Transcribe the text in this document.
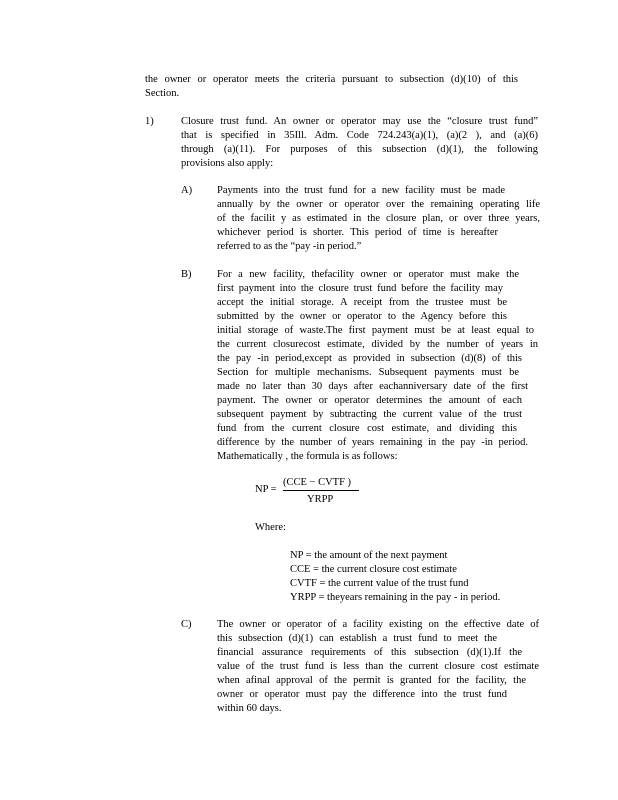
the owner or operator meets the criteria pursuant to subsection (d)(10) of this
Section.
1)	Closure trust fund. An owner or operator may use the “closure trust fund”
that is specified in 35Ill. Adm. Code 724.243(a)(1), (a)(2 ), and (a)(6)
through (a)(11). For purposes of this subsection (d)(1), the following
provisions also apply:
A) Payments into the trust fund for a new facility must be made
annually by the owner or operator over the remaining operating life
of the facilit y as estimated in the closure plan, or over three years,
whichever period is shorter. This period of time is hereafter
referred to as the “pay -in period.”
B) For a new facility, thefacility owner or operator must make the
first payment into the closure trust fund before the facility may
accept the initial storage. A receipt from the trustee must be
submitted by the owner or operator to the Agency before this
initial storage of waste.The first payment must be at least equal to
the current closurecost estimate, divided by the number of years in
the pay -in period,except as provided in subsection (d)(8) of this
Section for multiple mechanisms. Subsequent payments must be
made no later than 30 days after eachanniversary date of the first
payment. The owner or operator determines the amount of each
subsequent payment by subtracting the current value of the trust
fund from the current closure cost estimate, and dividing this
difference by the number of years remaining in the pay -in period.
Mathematically , the formula is as follows:
NP =
(CCE − CVTF )
YRPP
Where:
NP = the amount of the next payment
CCE = the current closure cost estimate
CVTF = the current value of the trust fund
YRPP = theyears remaining in the pay - in period.
C) The owner or operator of a facility existing on the effective date of
this subsection (d)(1) can establish a trust fund to meet the
financial assurance requirements of this subsection (d)(1).If the
value of the trust fund is less than the current closure cost estimate
when afinal approval of the permit is granted for the facility, the
owner or operator must pay the difference into the trust fund
within 60 days.
